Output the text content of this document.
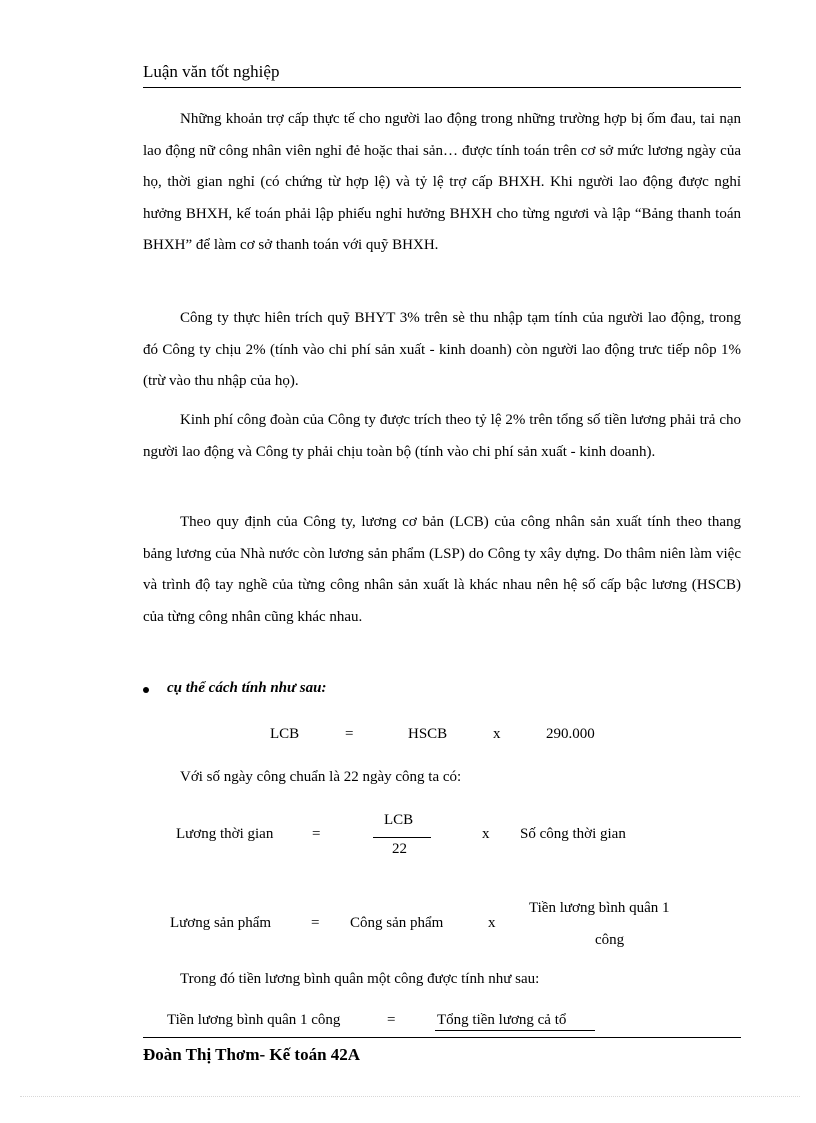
Luận văn tốt nghiệp

Những khoản trợ cấp thực tế cho người lao động trong những trường hợp bị ốm đau, tai nạn lao động nữ công nhân viên nghỉ đẻ hoặc thai sản… được tính toán trên cơ sở mức lương ngày của họ, thời gian nghỉ (có chứng từ hợp lệ) và tỷ lệ trợ cấp BHXH. Khi người lao động được nghỉ hưởng BHXH, kế toán phải lập phiếu nghỉ hưởng BHXH cho từng ngươi và lập “Bảng thanh toán BHXH” để làm cơ sở thanh toán với quỹ BHXH.

Công ty thực hiên trích quỹ BHYT 3% trên sè thu nhập tạm tính của người lao động, trong đó Công ty chịu 2% (tính vào chi phí sản xuất - kinh doanh) còn người lao động trưc tiếp nôp 1% (trừ vào thu nhập của họ).

Kinh phí công đoàn của Công ty được trích theo tỷ lệ 2% trên tổng số tiền lương phải trả cho người lao động và Công ty phải chịu toàn bộ (tính vào chi phí sản xuất - kinh doanh).

Theo quy định của Công ty, lương cơ bản (LCB) của công nhân sản xuất tính theo thang bảng lương của Nhà nước còn lương sản phẩm (LSP) do Công ty xây dựng. Do thâm niên làm việc và trình độ tay nghề của từng công nhân sản xuất là khác nhau nên hệ số cấp bậc lương (HSCB) của từng công nhân cũng khác nhau.

cụ thể cách tính như sau:
LCB	=	HSCB	x	290.000
Với số ngày công chuẩn là 22 ngày công ta có:
Lương thời gian	=
LCB
22
x Số công thời gian
Lương sản phẩm	= Công sản phẩm	x
Tiền lương bình quân 1
công
Trong đó tiền lương bình quân một công được tính như sau:
Tiền lương bình quân 1 công	=	Tổng tiền lương cả tổ
Đoàn Thị Thơm- Kế toán 42A
